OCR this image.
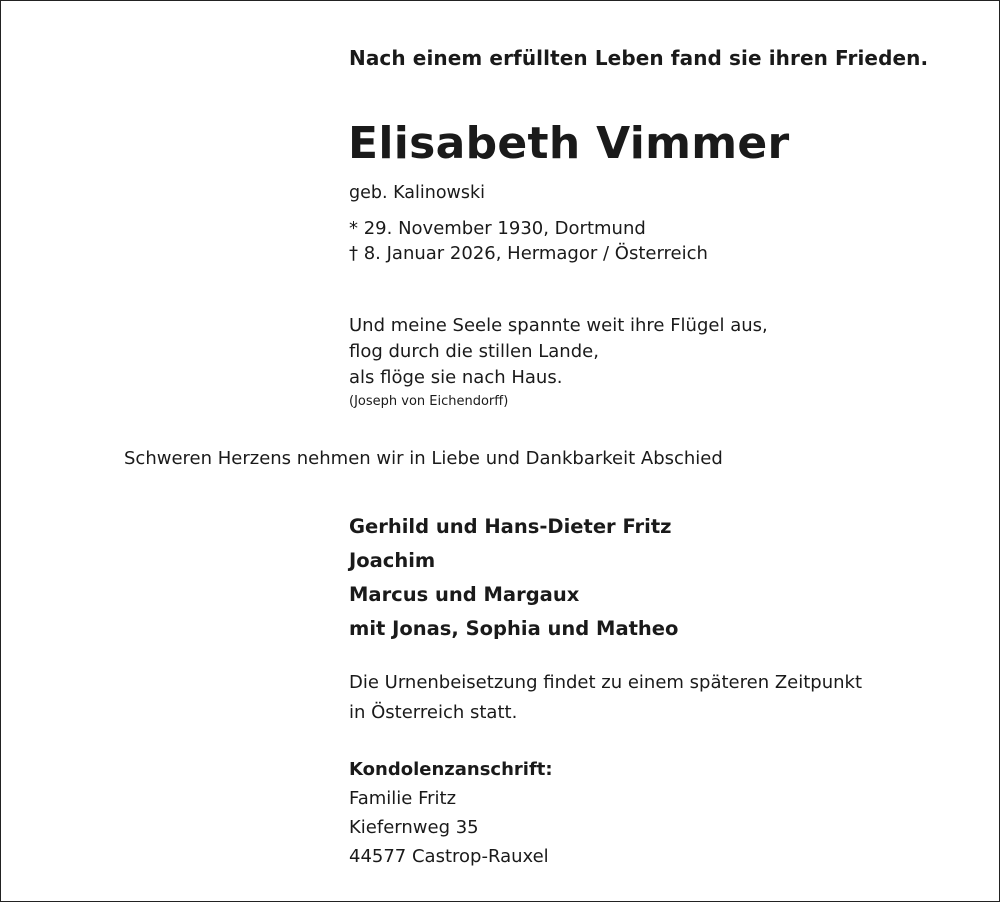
Nach einem erfüllten Leben fand sie ihren Frieden.
Elisabeth Vimmer
geb. Kalinowski
* 29. November 1930, Dortmund
† 8. Januar 2026, Hermagor / Österreich
Und meine Seele spannte weit ihre Flügel aus,
flog durch die stillen Lande,
als flöge sie nach Haus.
(Joseph von Eichendorff)
Schweren Herzens nehmen wir in Liebe und Dankbarkeit Abschied
Gerhild und Hans-Dieter Fritz
Joachim
Marcus und Margaux
mit Jonas, Sophia und Matheo
Die Urnenbeisetzung findet zu einem späteren Zeitpunkt
in Österreich statt.
Kondolenzanschrift:
Familie Fritz
Kiefernweg 35
44577 Castrop-Rauxel
